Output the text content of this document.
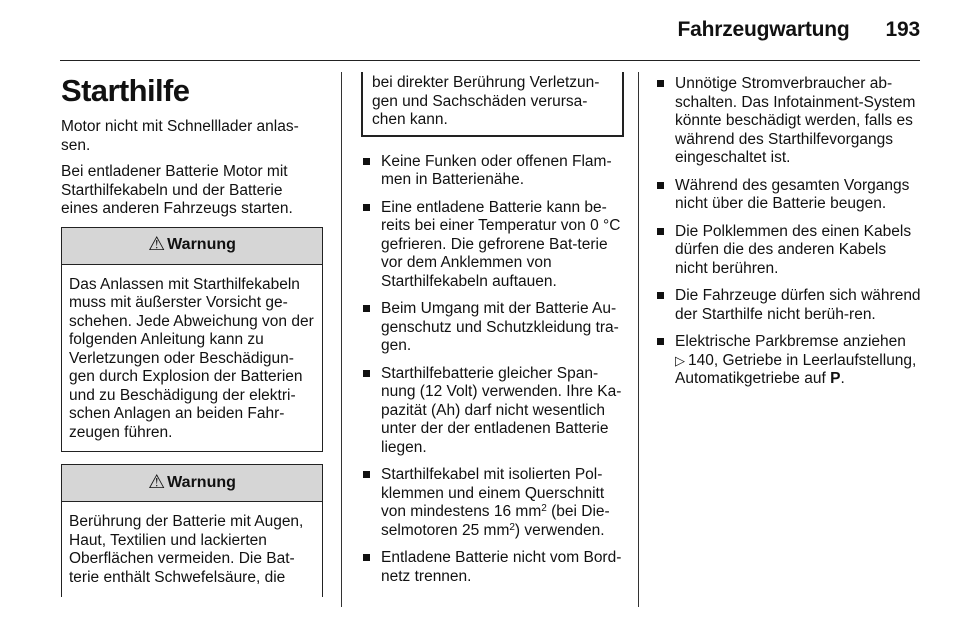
Fahrzeugwartung 193
Starthilfe

Motor nicht mit Schnelllader anlas-sen.

Bei entladener Batterie Motor mit Starthilfekabeln und der Batterie eines anderen Fahrzeugs starten.

⚠ Warnung
Das Anlassen mit Starthilfekabeln muss mit äußerster Vorsicht ge-schehen. Jede Abweichung von der folgenden Anleitung kann zu Verletzungen oder Beschädigun-gen durch Explosion der Batterien und zu Beschädigung der elektri-schen Anlagen an beiden Fahr-zeugen führen.
⚠ Warnung
Berührung der Batterie mit Augen, Haut, Textilien und lackierten Oberflächen vermeiden. Die Bat-terie enthält Schwefelsäure, die
bei direkter Berührung Verletzun-gen und Sachschäden verursa-chen kann.
Keine Funken oder offenen Flam-men in Batterienähe.
Eine entladene Batterie kann be-reits bei einer Temperatur von 0 °C gefrieren. Die gefrorene Bat-terie vor dem Anklemmen von Starthilfekabeln auftauen.
Beim Umgang mit der Batterie Au-genschutz und Schutzkleidung tra-gen.
Starthilfebatterie gleicher Span-nung (12 Volt) verwenden. Ihre Ka-pazität (Ah) darf nicht wesentlich unter der der entladenen Batterie liegen.
Starthilfekabel mit isolierten Pol-klemmen und einem Querschnitt von mindestens 16 $mm^2$ (bei Die-selmotoren 25 $mm^2$) verwenden.
Entladene Batterie nicht vom Bord-netz trennen.
Unnötige Stromverbraucher ab-schalten. Das Infotainment-System könnte beschädigt werden, falls es während des Starthilfevorgangs eingeschaltet ist.
Während des gesamten Vorgangs nicht über die Batterie beugen.
Die Polklemmen des einen Kabels dürfen die des anderen Kabels nicht berühren.
Die Fahrzeuge dürfen sich während der Starthilfe nicht berüh-ren.
Elektrische Parkbremse anziehen
▷ 140, Getriebe in Leerlaufstellung, Automatikgetriebe auf P.
